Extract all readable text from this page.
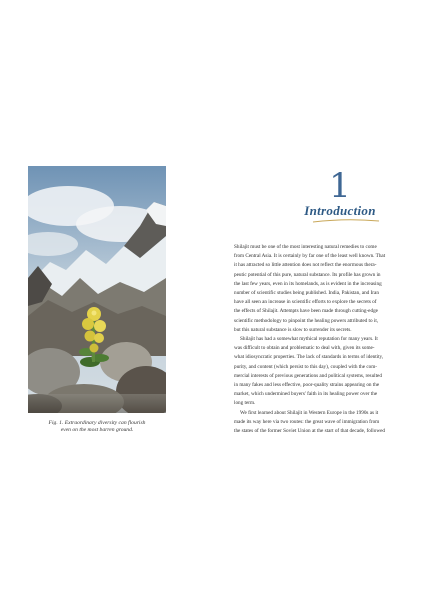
Fig. 1. Extraordinary diversity can flourish
even on the most barren ground.
1
Introduction
Shilajit must be one of the most interesting natural remedies to come
from Central Asia. It is certainly by far one of the least well known. That
it has attracted so little attention does not reflect the enormous thera-
peutic potential of this pure, natural substance. Its profile has grown in
the last few years, even in its homelands, as is evident in the increasing
number of scientific studies being published. India, Pakistan, and Iran
have all seen an increase in scientific efforts to explore the secrets of
the effects of Shilajit. Attempts have been made through cutting-edge
scientific methodology to pinpoint the healing powers attributed to it,
but this natural substance is slow to surrender its secrets.
Shilajit has had a somewhat mythical reputation for many years. It
was difficult to obtain and problematic to deal with, given its some-
what idiosyncratic properties. The lack of standards in terms of identity,
purity, and content (which persist to this day), coupled with the com-
mercial interests of previous generations and political systems, resulted
in many fakes and less effective, poor-quality strains appearing on the
market, which undermined buyers' faith in its healing power over the
long term.
We first learned about Shilajit in Western Europe in the 1990s as it
made its way here via two routes: the great wave of immigration from
the states of the former Soviet Union at the start of that decade, followed
